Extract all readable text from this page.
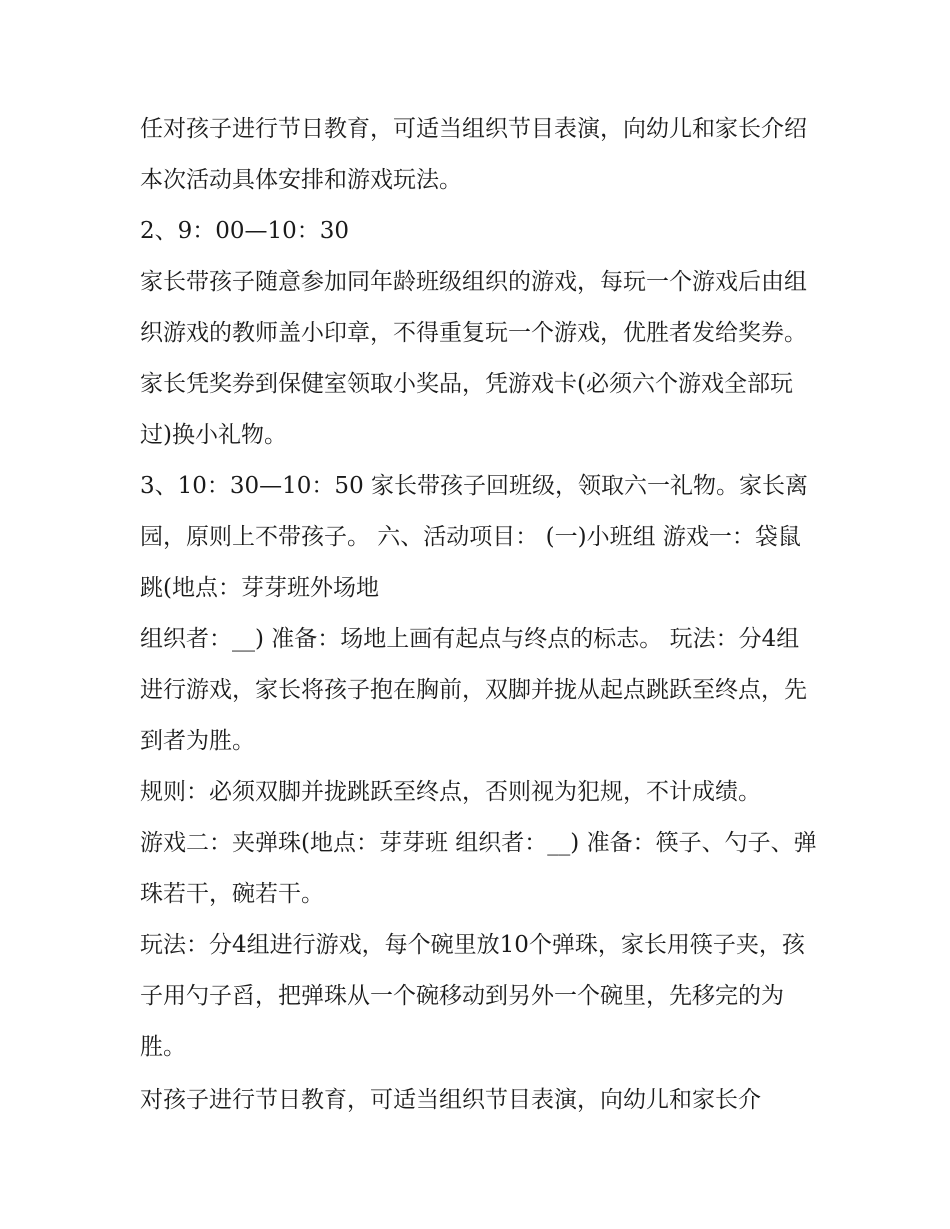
任对孩子进行节日教育，可适当组织节目表演，向幼儿和家长介绍本次活动具体安排和游戏玩法。

2、9：00—10：30

家长带孩子随意参加同年龄班级组织的游戏，每玩一个游戏后由组织游戏的教师盖小印章，不得重复玩一个游戏，优胜者发给奖券。家长凭奖券到保健室领取小奖品，凭游戏卡(必须六个游戏全部玩过)换小礼物。

3、10：30—10：50 家长带孩子回班级，领取六一礼物。家长离园，原则上不带孩子。 六、活动项目： (一)小班组 游戏一：袋鼠跳(地点：芽芽班外场地

组织者：__) 准备：场地上画有起点与终点的标志。 玩法：分4组进行游戏，家长将孩子抱在胸前，双脚并拢从起点跳跃至终点，先到者为胜。

规则：必须双脚并拢跳跃至终点，否则视为犯规，不计成绩。

游戏二：夹弹珠(地点：芽芽班 组织者：__) 准备：筷子、勺子、弹珠若干，碗若干。

玩法：分4组进行游戏，每个碗里放10个弹珠，家长用筷子夹，孩子用勺子舀，把弹珠从一个碗移动到另外一个碗里，先移完的为胜。

对孩子进行节日教育，可适当组织节目表演，向幼儿和家长介
